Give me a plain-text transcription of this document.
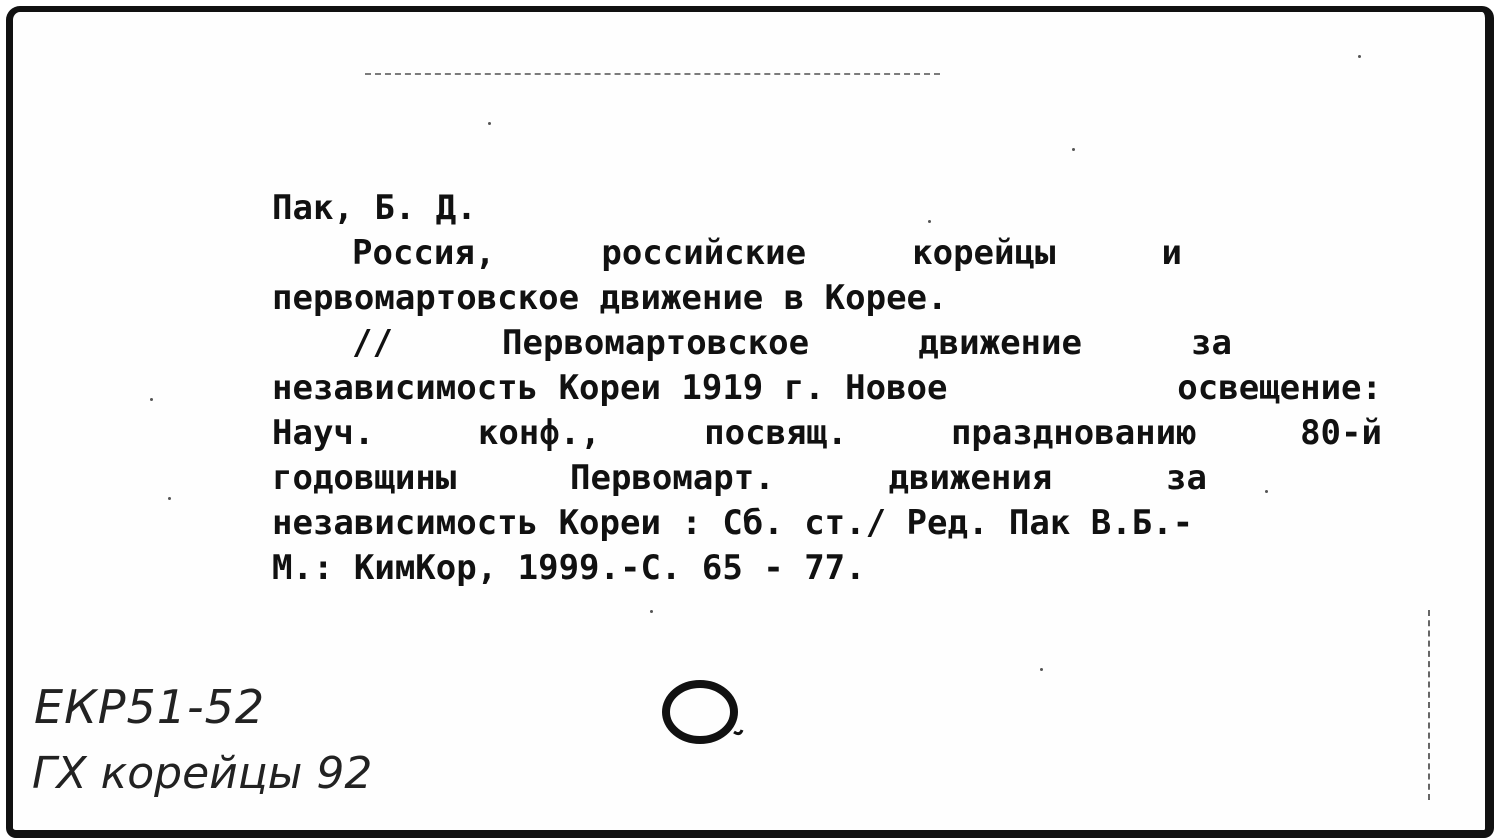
Пак, Б. Д.
Россия,	российские	корейцы	и
первомартовское движение в Корее.
//	Первомартовское	движение	за
независимость Кореи 1919 г. Новое	освещение:
Науч.	конф.,	посвящ.	празднованию	80-й
годовщины	Первомарт.	движения	за
независимость Кореи : Сб. ст./ Ред. Пак В.Б.-
М.: КимКор, 1999.-С. 65 - 77.
ЕКР51-52
ГХ корейцы 92
